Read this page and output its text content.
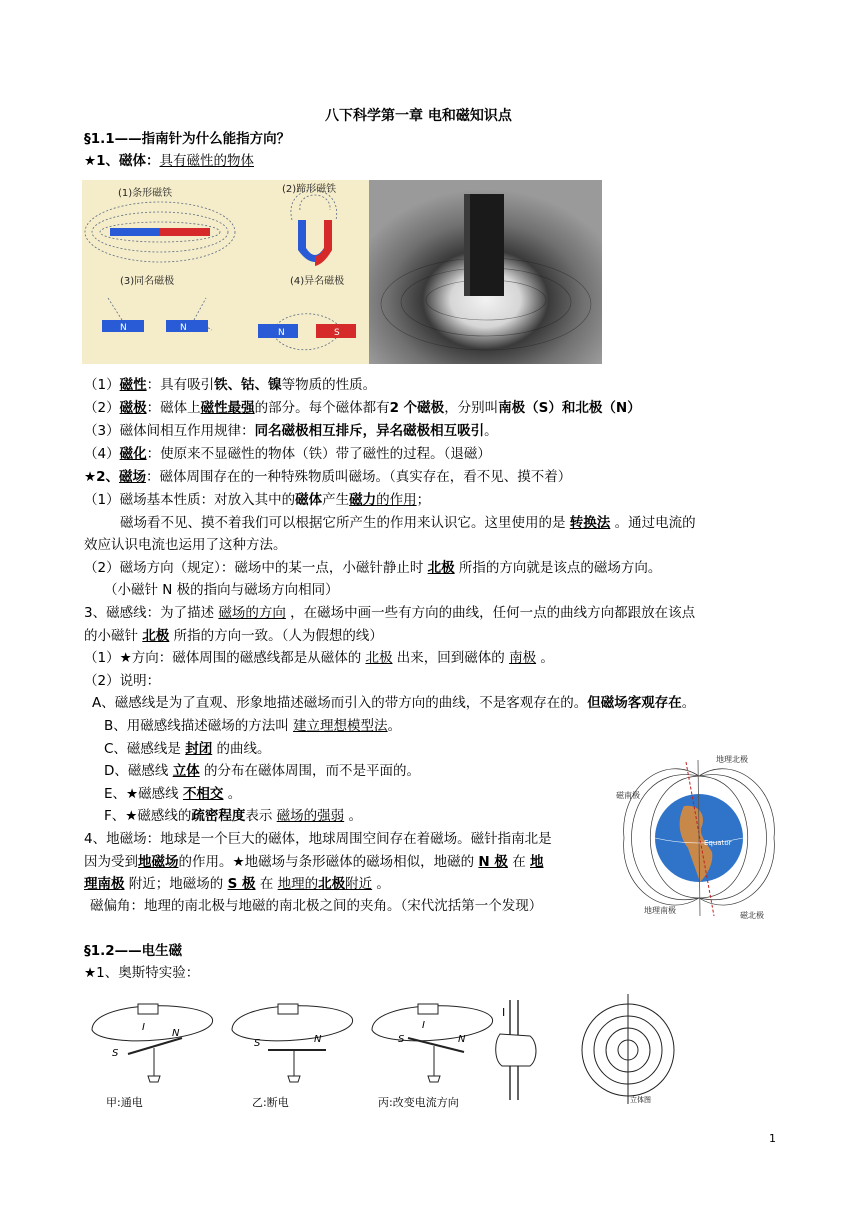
八下科学第一章 电和磁知识点
§1.1——指南针为什么能指方向？
★1、磁体：具有磁性的物体
(1)条形磁铁	(2)蹄形磁铁
(3)同名磁极	(4)异名磁极
N	N	N	S
（1）磁性：具有吸引铁、钴、镍等物质的性质。
（2）磁极：磁体上磁性最强的部分。每个磁体都有2 个磁极，分别叫南极（S）和北极（N）
（3）磁体间相互作用规律：同名磁极相互排斥，异名磁极相互吸引。
（4）磁化：使原来不显磁性的物体（铁）带了磁性的过程。（退磁）
★2、磁场：磁体周围存在的一种特殊物质叫磁场。（真实存在，看不见、摸不着）
（1）磁场基本性质：对放入其中的磁体产生磁力的作用；
磁场看不见、摸不着我们可以根据它所产生的作用来认识它。这里使用的是 转换法 。通过电流的
效应认识电流也运用了这种方法。
（2）磁场方向（规定）：磁场中的某一点，小磁针静止时 北极 所指的方向就是该点的磁场方向。
（小磁针 N 极的指向与磁场方向相同）
3、磁感线：为了描述 磁场的方向 ，在磁场中画一些有方向的曲线，任何一点的曲线方向都跟放在该点
的小磁针 北极 所指的方向一致。（人为假想的线）
（1）★方向：磁体周围的磁感线都是从磁体的 北极 出来，回到磁体的 南极 。
（2）说明：
A、磁感线是为了直观、形象地描述磁场而引入的带方向的曲线，不是客观存在的。但磁场客观存在。
B、用磁感线描述磁场的方法叫 建立理想模型法。
C、磁感线是 封闭 的曲线。
D、磁感线 立体 的分布在磁体周围，而不是平面的。
E、★磁感线 不相交 。
F、★磁感线的疏密程度表示 磁场的强弱 。
4、地磁场：地球是一个巨大的磁体，地球周围空间存在着磁场。磁针指南北是
因为受到地磁场的作用。★地磁场与条形磁体的磁场相似，地磁的 N 极 在 地
理南极 附近；地磁场的 S 极 在 地理的北极附近 。
磁偏角：地理的南北极与地磁的南北极之间的夹角。（宋代沈括第一个发现）
地理北极
磁南极
地理南极
磁北极
Equator
§1.2——电生磁
★1、奥斯特实验：
I	I
I
N
S
N
S	N
S
甲:通电	乙:断电	丙:改变电流方向	立体图
1
